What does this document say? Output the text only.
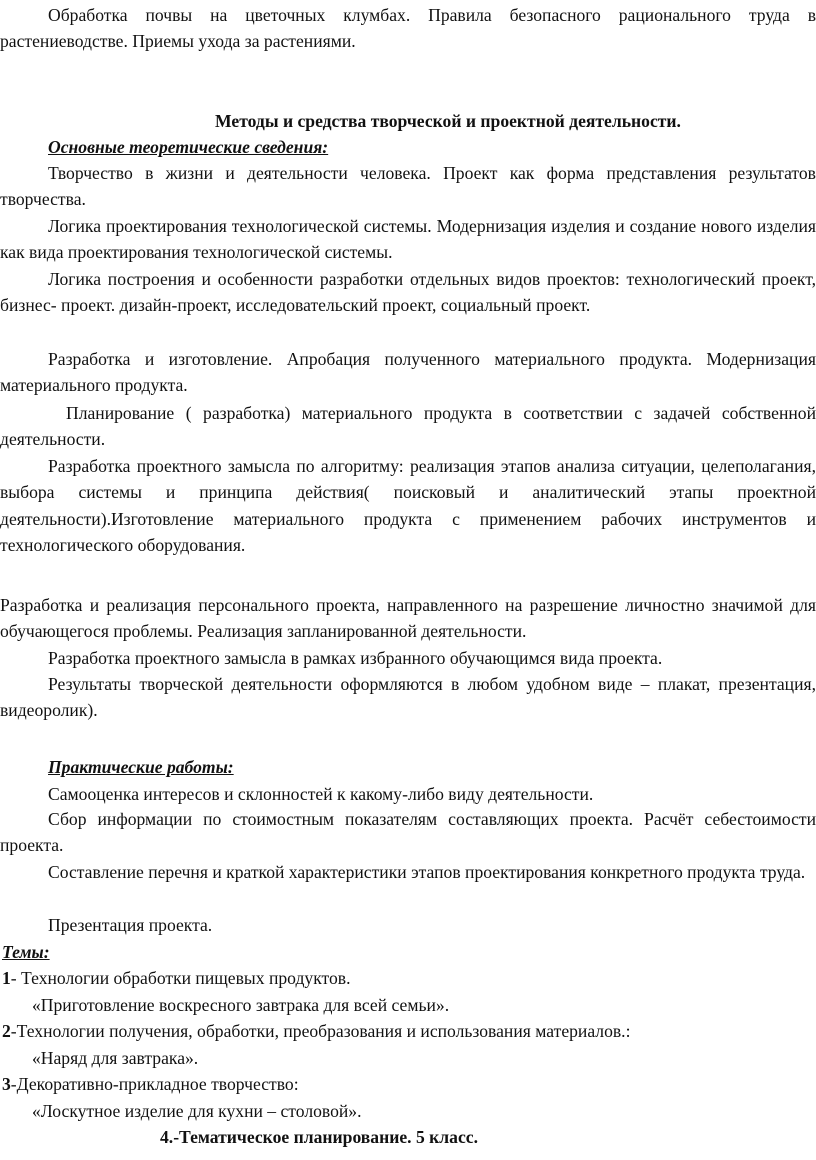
Обработка почвы на цветочных клумбах. Правила безопасного рационального труда в растениеводстве. Приемы ухода за растениями.

Методы и средства творческой и проектной деятельности.
Основные теоретические сведения:

Творчество в жизни и деятельности человека. Проект как форма представления результатов творчества.

Логика проектирования технологической системы. Модернизация изделия и создание нового изделия как вида проектирования технологической системы.

Логика построения и особенности разработки отдельных видов проектов: технологический проект, бизнес- проект. дизайн-проект, исследовательский проект, социальный проект.

Разработка и изготовление. Апробация полученного материального продукта. Модернизация материального продукта.

Планирование ( разработка) материального продукта в соответствии с задачей собственной деятельности.

Разработка проектного замысла по алгоритму: реализация этапов анализа ситуации, целеполагания, выбора системы и принципа действия( поисковый и аналитический этапы проектной деятельности).Изготовление материального продукта с применением рабочих инструментов и технологического оборудования.

Разработка и реализация персонального проекта, направленного на разрешение личностно значимой для обучающегося проблемы. Реализация запланированной деятельности.

Разработка проектного замысла в рамках избранного обучающимся вида проекта.

Результаты творческой деятельности оформляются в любом удобном виде – плакат, презентация, видеоролик).

Практические работы:

Самооценка интересов и склонностей к какому-либо виду деятельности.

Сбор информации по стоимостным показателям составляющих проекта. Расчёт себестоимости проекта.

Составление перечня и краткой характеристики этапов проектирования конкретного продукта труда.

Презентация проекта.

Темы:
1- Технологии обработки пищевых продуктов.
«Приготовление воскресного завтрака для всей семьи».
2-Технологии получения, обработки, преобразования и использования материалов.:
«Наряд для завтрака».
3-Декоративно-прикладное творчество:
«Лоскутное изделие для кухни – столовой».
4.-Тематическое планирование. 5 класс.
